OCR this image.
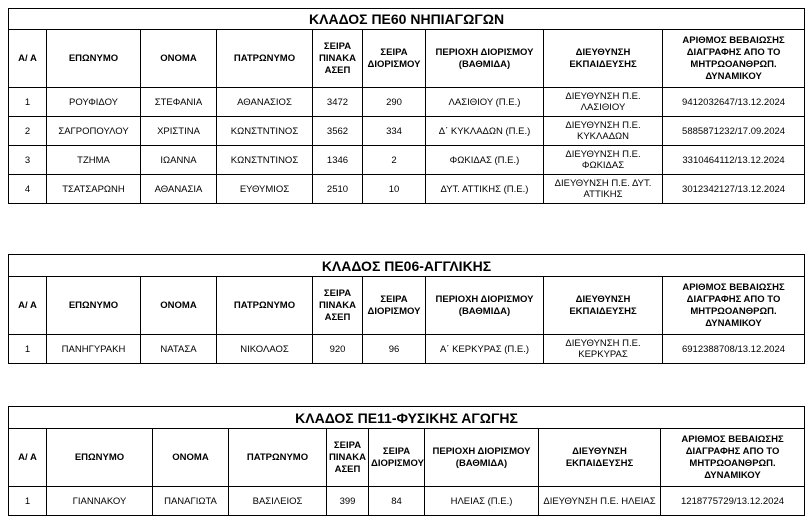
ΚΛΑΔΟΣ ΠΕ60 ΝΗΠΙΑΓΩΓΩΝ								
Α/ Α	ΕΠΩΝΥΜΟ	ΟΝΟΜΑ	ΠΑΤΡΩΝΥΜΟ	ΣΕΙΡΑ ΠΙΝΑΚΑ ΑΣΕΠ	ΣΕΙΡΑ ΔΙΟΡΙΣΜΟΥ	ΠΕΡΙΟΧΗ ΔΙΟΡΙΣΜΟΥ (ΒΑΘΜΙΔΑ)	ΔΙΕΥΘΥΝΣΗ ΕΚΠΑΙΔΕΥΣΗΣ	ΑΡΙΘΜΟΣ ΒΕΒΑΙΩΣΗΣ ΔΙΑΓΡΑΦΗΣ ΑΠΟ ΤΟ ΜΗΤΡΩΟΑΝΘΡΩΠ. ΔΥΝΑΜΙΚΟΥ
1	ΡΟΥΦΙΔΟΥ	ΣΤΕΦΑΝΙΑ	ΑΘΑΝΑΣΙΟΣ	3472	290	ΛΑΣΙΘΙΟΥ (Π.Ε.)	ΔΙΕΥΘΥΝΣΗ Π.Ε. ΛΑΣΙΘΙΟΥ	9412032647/13.12.2024
2	ΣΑΓΡΟΠΟΥΛΟΥ	ΧΡΙΣΤΙΝΑ	ΚΩΝΣΤΝΤΙΝΟΣ	3562	334	Δ΄ ΚΥΚΛΑΔΩΝ (Π.Ε.)	ΔΙΕΥΘΥΝΣΗ Π.Ε. ΚΥΚΛΑΔΩΝ	5885871232/17.09.2024
3	ΤΖΗΜΑ	ΙΩΑΝΝΑ	ΚΩΝΣΤΝΤΙΝΟΣ	1346	2	ΦΩΚΙΔΑΣ (Π.Ε.)	ΔΙΕΥΘΥΝΣΗ Π.Ε. ΦΩΚΙΔΑΣ	3310464112/13.12.2024
4	ΤΣΑΤΣΑΡΩΝΗ	ΑΘΑΝΑΣΙΑ	ΕΥΘΥΜΙΟΣ	2510	10	ΔΥΤ. ΑΤΤΙΚΗΣ (Π.Ε.)	ΔΙΕΥΘΥΝΣΗ Π.Ε. ΔΥΤ. ΑΤΤΙΚΗΣ	3012342127/13.12.2024
ΚΛΑΔΟΣ ΠΕ06-ΑΓΓΛΙΚΗΣ								
Α/ Α	ΕΠΩΝΥΜΟ	ΟΝΟΜΑ	ΠΑΤΡΩΝΥΜΟ	ΣΕΙΡΑ ΠΙΝΑΚΑ ΑΣΕΠ	ΣΕΙΡΑ ΔΙΟΡΙΣΜΟΥ	ΠΕΡΙΟΧΗ ΔΙΟΡΙΣΜΟΥ (ΒΑΘΜΙΔΑ)	ΔΙΕΥΘΥΝΣΗ ΕΚΠΑΙΔΕΥΣΗΣ	ΑΡΙΘΜΟΣ ΒΕΒΑΙΩΣΗΣ ΔΙΑΓΡΑΦΗΣ ΑΠΟ ΤΟ ΜΗΤΡΩΟΑΝΘΡΩΠ. ΔΥΝΑΜΙΚΟΥ
1	ΠΑΝΗΓΥΡΑΚΗ	ΝΑΤΑΣΑ	ΝΙΚΟΛΑΟΣ	920	96	Α΄ ΚΕΡΚΥΡΑΣ (Π.Ε.)	ΔΙΕΥΘΥΝΣΗ Π.Ε. ΚΕΡΚΥΡΑΣ	6912388708/13.12.2024
ΚΛΑΔΟΣ ΠΕ11-ΦΥΣΙΚΗΣ ΑΓΩΓΗΣ								
Α/ Α	ΕΠΩΝΥΜΟ	ΟΝΟΜΑ	ΠΑΤΡΩΝΥΜΟ	ΣΕΙΡΑ ΠΙΝΑΚΑ ΑΣΕΠ	ΣΕΙΡΑ ΔΙΟΡΙΣΜΟΥ	ΠΕΡΙΟΧΗ ΔΙΟΡΙΣΜΟΥ (ΒΑΘΜΙΔΑ)	ΔΙΕΥΘΥΝΣΗ ΕΚΠΑΙΔΕΥΣΗΣ	ΑΡΙΘΜΟΣ ΒΕΒΑΙΩΣΗΣ ΔΙΑΓΡΑΦΗΣ ΑΠΟ ΤΟ ΜΗΤΡΩΟΑΝΘΡΩΠ. ΔΥΝΑΜΙΚΟΥ
1	ΓΙΑΝΝΑΚΟΥ	ΠΑΝΑΓΙΩΤΑ	ΒΑΣΙΛΕΙΟΣ	399	84	ΗΛΕΙΑΣ (Π.Ε.)	ΔΙΕΥΘΥΝΣΗ Π.Ε. ΗΛΕΙΑΣ	1218775729/13.12.2024
